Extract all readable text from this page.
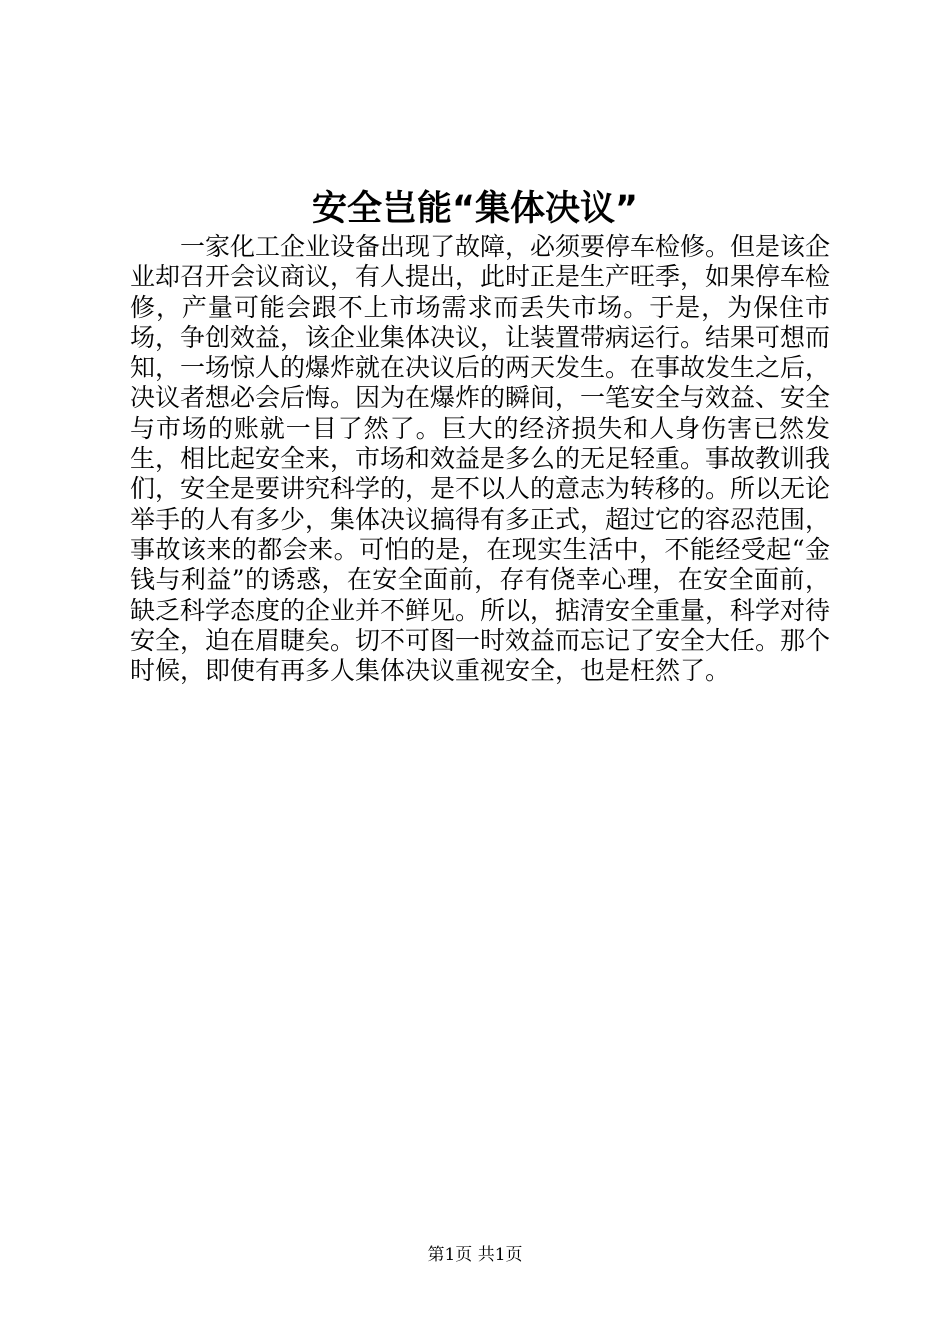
安全岂能“集体决议”

一家化工企业设备出现了故障，必须要停车检修。但是该企业却召开会议商议，有人提出，此时正是生产旺季，如果停车检修，产量可能会跟不上市场需求而丢失市场。于是，为保住市场，争创效益，该企业集体决议，让装置带病运行。结果可想而知，一场惊人的爆炸就在决议后的两天发生。在事故发生之后，决议者想必会后悔。因为在爆炸的瞬间，一笔安全与效益、安全与市场的账就一目了然了。巨大的经济损失和人身伤害已然发生，相比起安全来，市场和效益是多么的无足轻重。事故教训我们，安全是要讲究科学的，是不以人的意志为转移的。所以无论举手的人有多少，集体决议搞得有多正式，超过它的容忍范围，事故该来的都会来。可怕的是，在现实生活中，不能经受起“金钱与利益”的诱惑，在安全面前，存有侥幸心理，在安全面前，缺乏科学态度的企业并不鲜见。所以，掂清安全重量，科学对待安全，迫在眉睫矣。切不可图一时效益而忘记了安全大任。那个时候，即使有再多人集体决议重视安全，也是枉然了。

第1页 共1页
